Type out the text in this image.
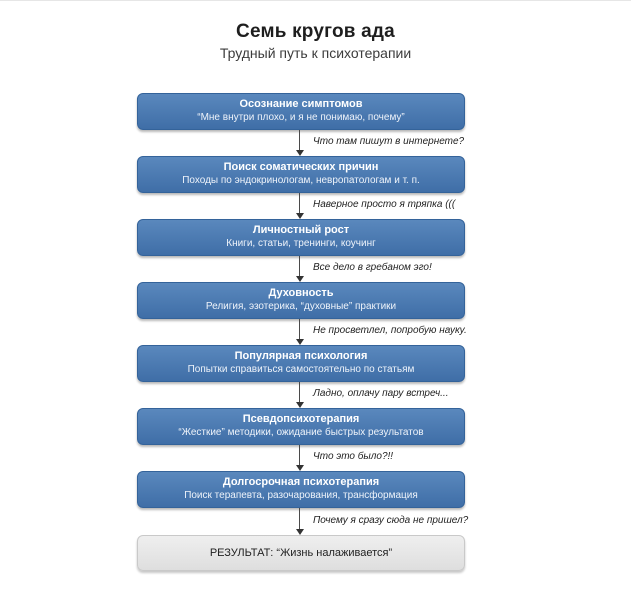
Семь кругов ада
Трудный путь к психотерапии
Осознание симптомов
“Мне внутри плохо, и я не понимаю, почему”
Что там пишут в интернете?
Поиск соматических причин
Походы по эндокринологам, невропатологам и т. п.
Наверное просто я тряпка (((
Личностный рост
Книги, статьи, тренинги, коучинг
Все дело в гребаном эго!
Духовность
Религия, эзотерика, “духовные” практики
Не просветлел, попробую науку.
Популярная психология
Попытки справиться самостоятельно по статьям
Ладно, оплачу пару встреч...
Псевдопсихотерапия
“Жесткие” методики, ожидание быстрых результатов
Что это было?!!
Долгосрочная психотерапия
Поиск терапевта, разочарования, трансформация
Почему я сразу сюда не пришел?
РЕЗУЛЬТАТ: “Жизнь налаживается”
